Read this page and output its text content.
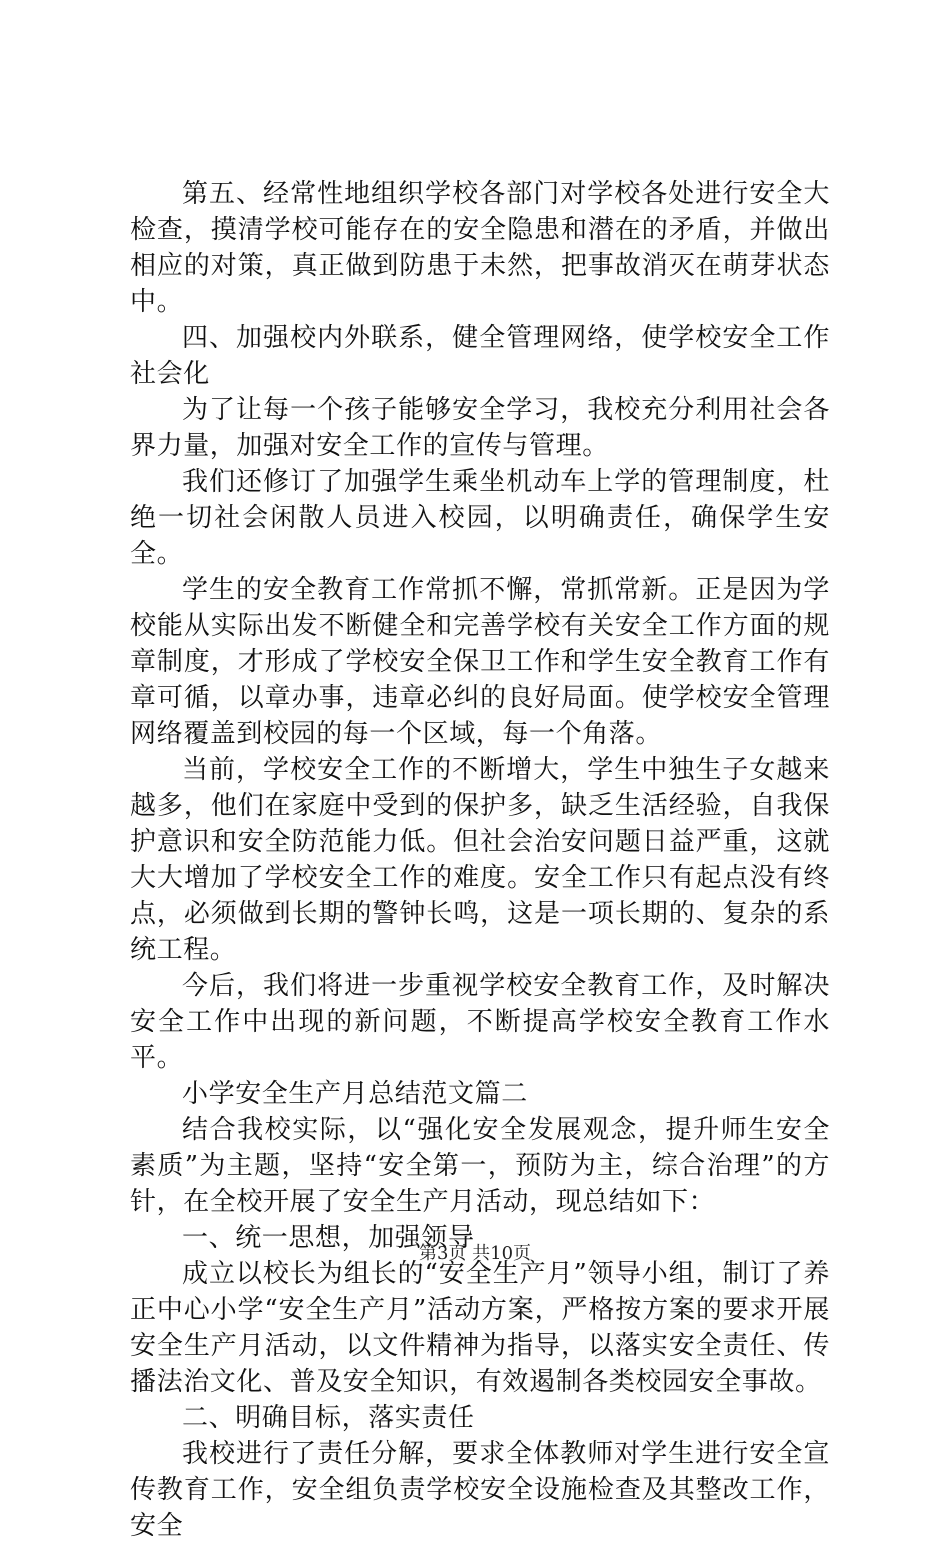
第五、经常性地组织学校各部门对学校各处进行安全大检查，摸清学校可能存在的安全隐患和潜在的矛盾，并做出相应的对策，真正做到防患于未然，把事故消灭在萌芽状态中。

四、加强校内外联系，健全管理网络，使学校安全工作社会化

为了让每一个孩子能够安全学习，我校充分利用社会各界力量，加强对安全工作的宣传与管理。

我们还修订了加强学生乘坐机动车上学的管理制度，杜绝一切社会闲散人员进入校园，以明确责任，确保学生安全。

学生的安全教育工作常抓不懈，常抓常新。正是因为学校能从实际出发不断健全和完善学校有关安全工作方面的规章制度，才形成了学校安全保卫工作和学生安全教育工作有章可循，以章办事，违章必纠的良好局面。使学校安全管理网络覆盖到校园的每一个区域，每一个角落。

当前，学校安全工作的不断增大，学生中独生子女越来越多，他们在家庭中受到的保护多，缺乏生活经验，自我保护意识和安全防范能力低。但社会治安问题日益严重，这就大大增加了学校安全工作的难度。安全工作只有起点没有终点，必须做到长期的警钟长鸣，这是一项长期的、复杂的系统工程。

今后，我们将进一步重视学校安全教育工作，及时解决安全工作中出现的新问题，不断提高学校安全教育工作水平。

小学安全生产月总结范文篇二

结合我校实际，以“强化安全发展观念，提升师生安全素质”为主题，坚持“安全第一，预防为主，综合治理”的方针，在全校开展了安全生产月活动，现总结如下：

一、统一思想，加强领导

成立以校长为组长的“安全生产月”领导小组，制订了养正中心小学“安全生产月”活动方案，严格按方案的要求开展安全生产月活动，以文件精神为指导，以落实安全责任、传播法治文化、普及安全知识，有效遏制各类校园安全事故。

二、明确目标，落实责任

我校进行了责任分解，要求全体教师对学生进行安全宣传教育工作，安全组负责学校安全设施检查及其整改工作，安全

第3页 共10页
